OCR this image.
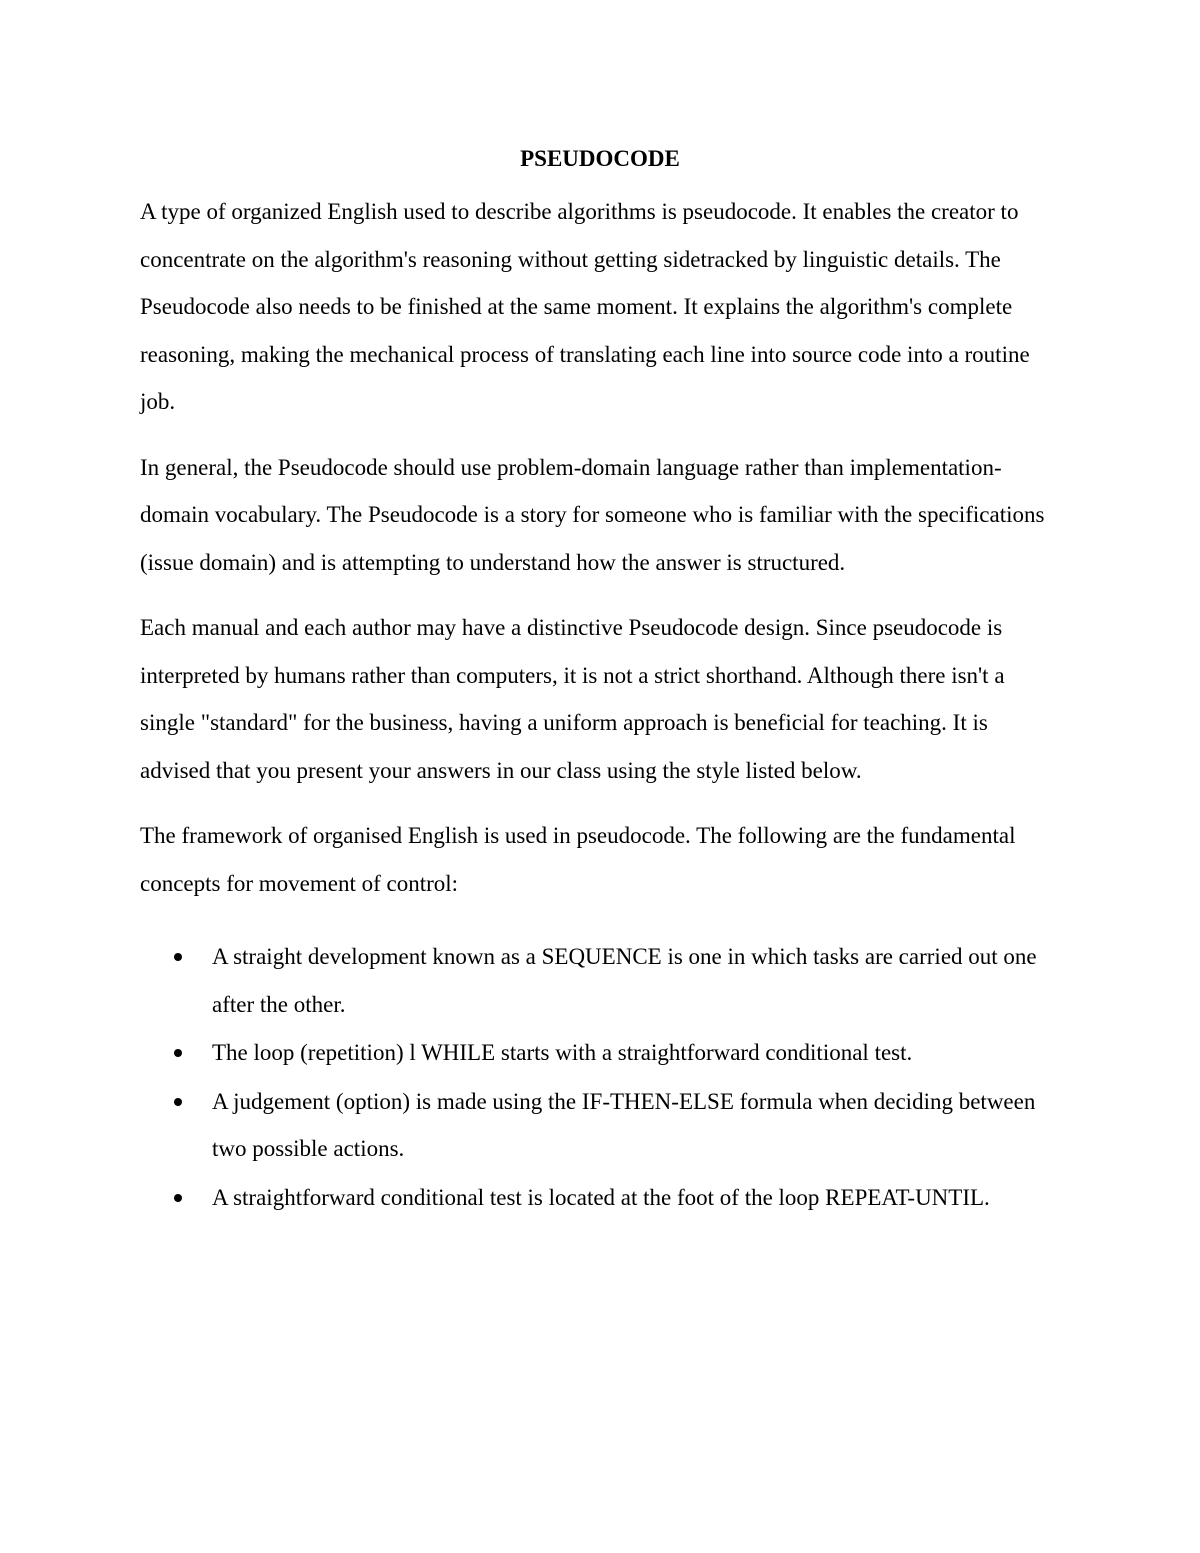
PSEUDOCODE

A type of organized English used to describe algorithms is pseudocode. It enables the creator to concentrate on the algorithm's reasoning without getting sidetracked by linguistic details. The Pseudocode also needs to be finished at the same moment. It explains the algorithm's complete reasoning, making the mechanical process of translating each line into source code into a routine job.

In general, the Pseudocode should use problem-domain language rather than implementation-domain vocabulary. The Pseudocode is a story for someone who is familiar with the specifications (issue domain) and is attempting to understand how the answer is structured.

Each manual and each author may have a distinctive Pseudocode design. Since pseudocode is interpreted by humans rather than computers, it is not a strict shorthand. Although there isn't a single "standard" for the business, having a uniform approach is beneficial for teaching. It is advised that you present your answers in our class using the style listed below.

The framework of organised English is used in pseudocode. The following are the fundamental concepts for movement of control:

A straight development known as a SEQUENCE is one in which tasks are carried out one after the other.
The loop (repetition) l WHILE starts with a straightforward conditional test.
A judgement (option) is made using the IF-THEN-ELSE formula when deciding between two possible actions.
A straightforward conditional test is located at the foot of the loop REPEAT-UNTIL.
